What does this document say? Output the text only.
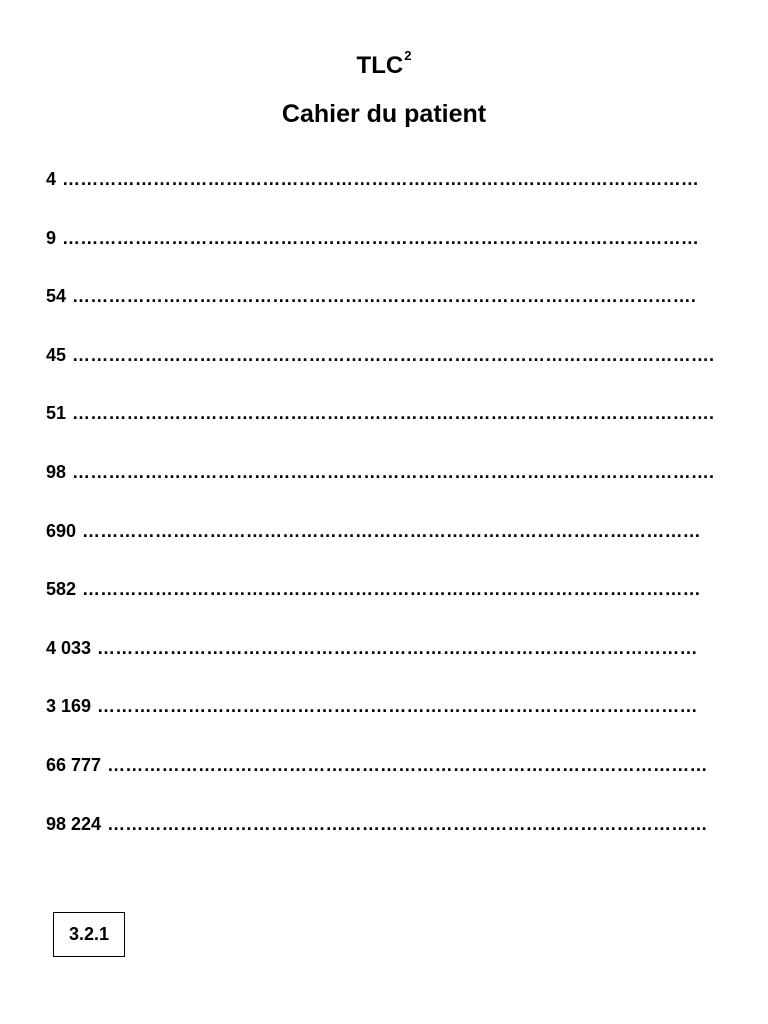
TLC$^2$
Cahier du patient
4 ……………………………………………………………………………………………
9 ……………………………………………………………………………………………
54 ………………………………………………………………………………………….
45 …………………………………………………………………………………………….
51 …………………………………………………………………………………………….
98 …………………………………………………………………………………………….
690 …………………………………………………………………………………………
582 …………………………………………………………………………………………
4 033 ………………………………………………………………………………………
3 169 ………………………………………………………………………………………
66 777 ………………………………………………………………………………………
98 224 ………………………………………………………………………………………
3.2.1
